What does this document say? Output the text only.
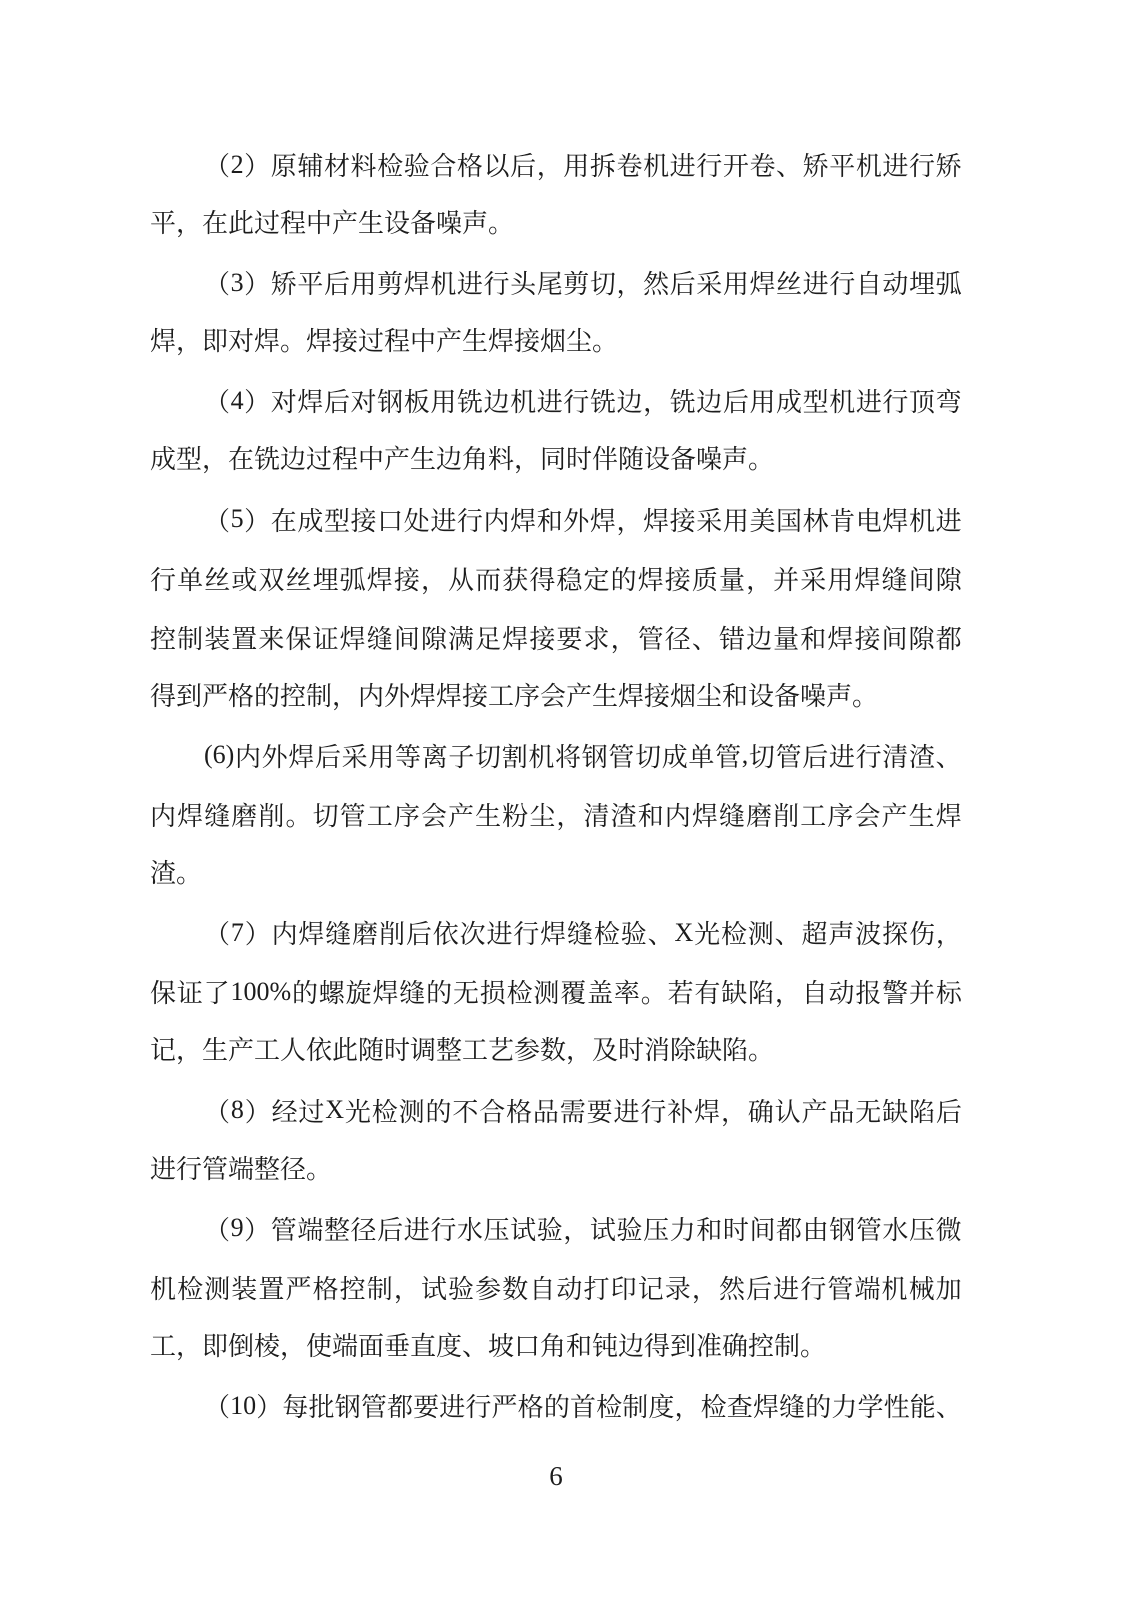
（ 2 ） 原 辅 材 料 检 验 合 格 以 后 ， 用 拆 卷 机 进 行 开 卷 、 矫 平 机 进 行 矫
平，在此过程中产生设备噪声。
（ 3 ） 矫 平 后 用 剪 焊 机 进 行 头 尾 剪 切 ， 然 后 采 用 焊 丝 进 行 自 动 埋 弧
焊，即对焊。焊接过程中产生焊接烟尘。
（ 4 ） 对 焊 后 对 钢 板 用 铣 边 机 进 行 铣 边 ， 铣 边 后 用 成 型 机 进 行 顶 弯
成型，在铣边过程中产生边角料，同时伴随设备噪声。
（ 5 ） 在 成 型 接 口 处 进 行 内 焊 和 外 焊 ， 焊 接 采 用 美 国 林 肯 电 焊 机 进
行 单 丝 或 双 丝 埋 弧 焊 接 ， 从 而 获 得 稳 定 的 焊 接 质 量 ， 并 采 用 焊 缝 间 隙
控 制 装 置 来 保 证 焊 缝 间 隙 满 足 焊 接 要 求 ， 管 径 、 错 边 量 和 焊 接 间 隙 都
得到严格的控制，内外焊焊接工序会产生焊接烟尘和设备噪声。
(6) 内 外 焊 后 采 用 等 离 子 切 割 机 将 钢 管 切 成 单 管 , 切 管 后 进 行 清 渣 、
内 焊 缝 磨 削 。 切 管 工 序 会 产 生 粉 尘 ， 清 渣 和 内 焊 缝 磨 削 工 序 会 产 生 焊
渣。
（ 7 ） 内 焊 缝 磨 削 后 依 次 进 行 焊 缝 检 验 、 X 光 检 测 、 超 声 波 探 伤 ，
保 证 了 100% 的 螺 旋 焊 缝 的 无 损 检 测 覆 盖 率 。 若 有 缺 陷 ， 自 动 报 警 并 标
记，生产工人依此随时调整工艺参数，及时消除缺陷。
（ 8 ） 经 过 X 光 检 测 的 不 合 格 品 需 要 进 行 补 焊 ， 确 认 产 品 无 缺 陷 后
进行管端整径。
（ 9 ） 管 端 整 径 后 进 行 水 压 试 验 ， 试 验 压 力 和 时 间 都 由 钢 管 水 压 微
机 检 测 装 置 严 格 控 制 ， 试 验 参 数 自 动 打 印 记 录 ， 然 后 进 行 管 端 机 械 加
工，即倒棱，使端面垂直度、坡口角和钝边得到准确控制。
（ 10 ） 每 批 钢 管 都 要 进 行 严 格 的 首 检 制 度 ， 检 查 焊 缝 的 力 学 性 能 、
6
